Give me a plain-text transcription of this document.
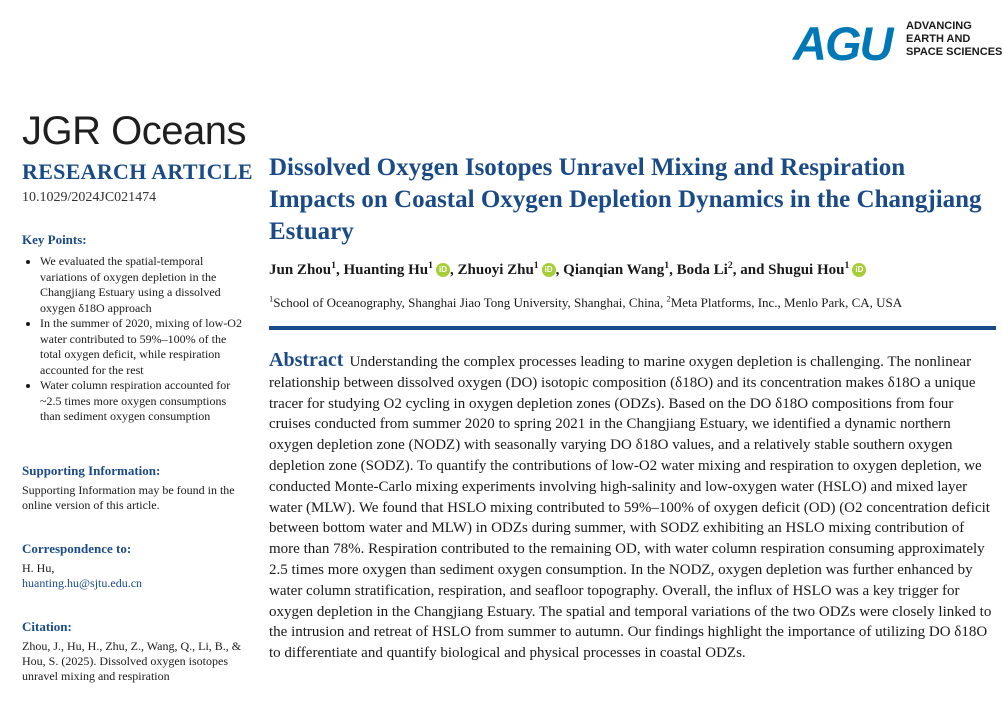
AGU ADVANCING
EARTH AND
SPACE SCIENCES
JGR Oceans
RESEARCH ARTICLE
10.1029/2024JC021474
Key Points:
• We evaluated the spatial-temporal variations of oxygen depletion in the Changjiang Estuary using a dissolved oxygen δ18O approach
• In the summer of 2020, mixing of low-O2 water contributed to 59%–100% of the total oxygen deficit, while respiration accounted for the rest
• Water column respiration accounted for ~2.5 times more oxygen consumptions than sediment oxygen consumption
Supporting Information:
Supporting Information may be found in the online version of this article.
Correspondence to:
H. Hu,
huanting.hu@sjtu.edu.cn
Citation:
Zhou, J., Hu, H., Zhu, Z., Wang, Q., Li, B., & Hou, S. (2025). Dissolved oxygen isotopes unravel mixing and respiration
Dissolved Oxygen Isotopes Unravel Mixing and Respiration Impacts on Coastal Oxygen Depletion Dynamics in the Changjiang Estuary
Jun Zhou$^1$, Huanting Hu$^1$ iD , Zhuoyi Zhu$^1$ iD , Qianqian Wang$^1$, Boda Li$^2$, and Shugui Hou$^1$ iD
$^1$School of Oceanography, Shanghai Jiao Tong University, Shanghai, China, $^2$Meta Platforms, Inc., Menlo Park, CA, USA
Abstract Understanding the complex processes leading to marine oxygen depletion is challenging. The nonlinear relationship between dissolved oxygen (DO) isotopic composition (δ18O) and its concentration makes δ18O a unique tracer for studying O2 cycling in oxygen depletion zones (ODZs). Based on the DO δ18O compositions from four cruises conducted from summer 2020 to spring 2021 in the Changjiang Estuary, we identified a dynamic northern oxygen depletion zone (NODZ) with seasonally varying DO δ18O values, and a relatively stable southern oxygen depletion zone (SODZ). To quantify the contributions of low-O2 water mixing and respiration to oxygen depletion, we conducted Monte-Carlo mixing experiments involving high-salinity and low-oxygen water (HSLO) and mixed layer water (MLW). We found that HSLO mixing contributed to 59%–100% of oxygen deficit (OD) (O2 concentration deficit between bottom water and MLW) in ODZs during summer, with SODZ exhibiting an HSLO mixing contribution of more than 78%. Respiration contributed to the remaining OD, with water column respiration consuming approximately 2.5 times more oxygen than sediment oxygen consumption. In the NODZ, oxygen depletion was further enhanced by water column stratification, respiration, and seafloor topography. Overall, the influx of HSLO was a key trigger for oxygen depletion in the Changjiang Estuary. The spatial and temporal variations of the two ODZs were closely linked to the intrusion and retreat of HSLO from summer to autumn. Our findings highlight the importance of utilizing DO δ18O to differentiate and quantify biological and physical processes in coastal ODZs.
